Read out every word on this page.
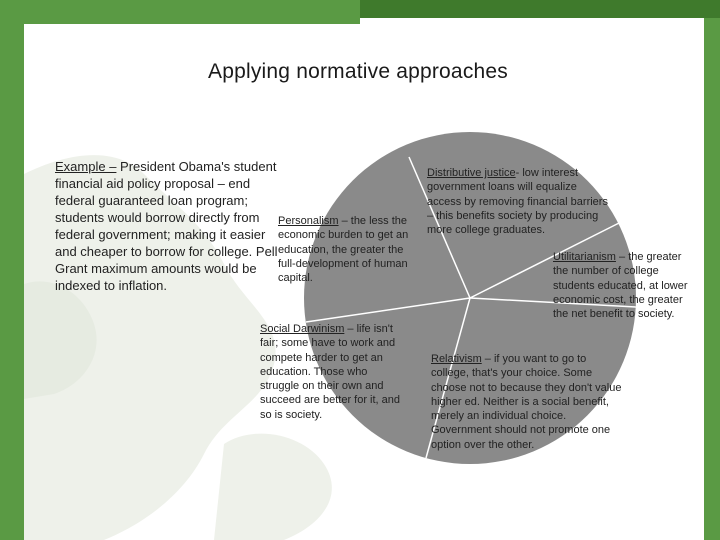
Applying normative approaches
Example – President Obama's student financial aid policy proposal – end federal guaranteed loan program; students would borrow directly from federal government; making it easier and cheaper to borrow for college. Pell Grant maximum amounts would be indexed to inflation.
Personalism – the less the economic burden to get an education, the greater the full-development of human capital.
Social Darwinism – life isn't fair; some have to work and compete harder to get an education. Those who struggle on their own and succeed are better for it, and so is society.
Distributive justice- low interest government loans will equalize access by removing financial barriers – this benefits society by producing more college graduates.
Utilitarianism – the greater the number of college students educated, at lower economic cost, the greater the net benefit to society.
Relativism – if you want to go to college, that's your choice. Some choose not to because they don't value higher ed. Neither is a social benefit, merely an individual choice. Government should not promote one option over the other.
